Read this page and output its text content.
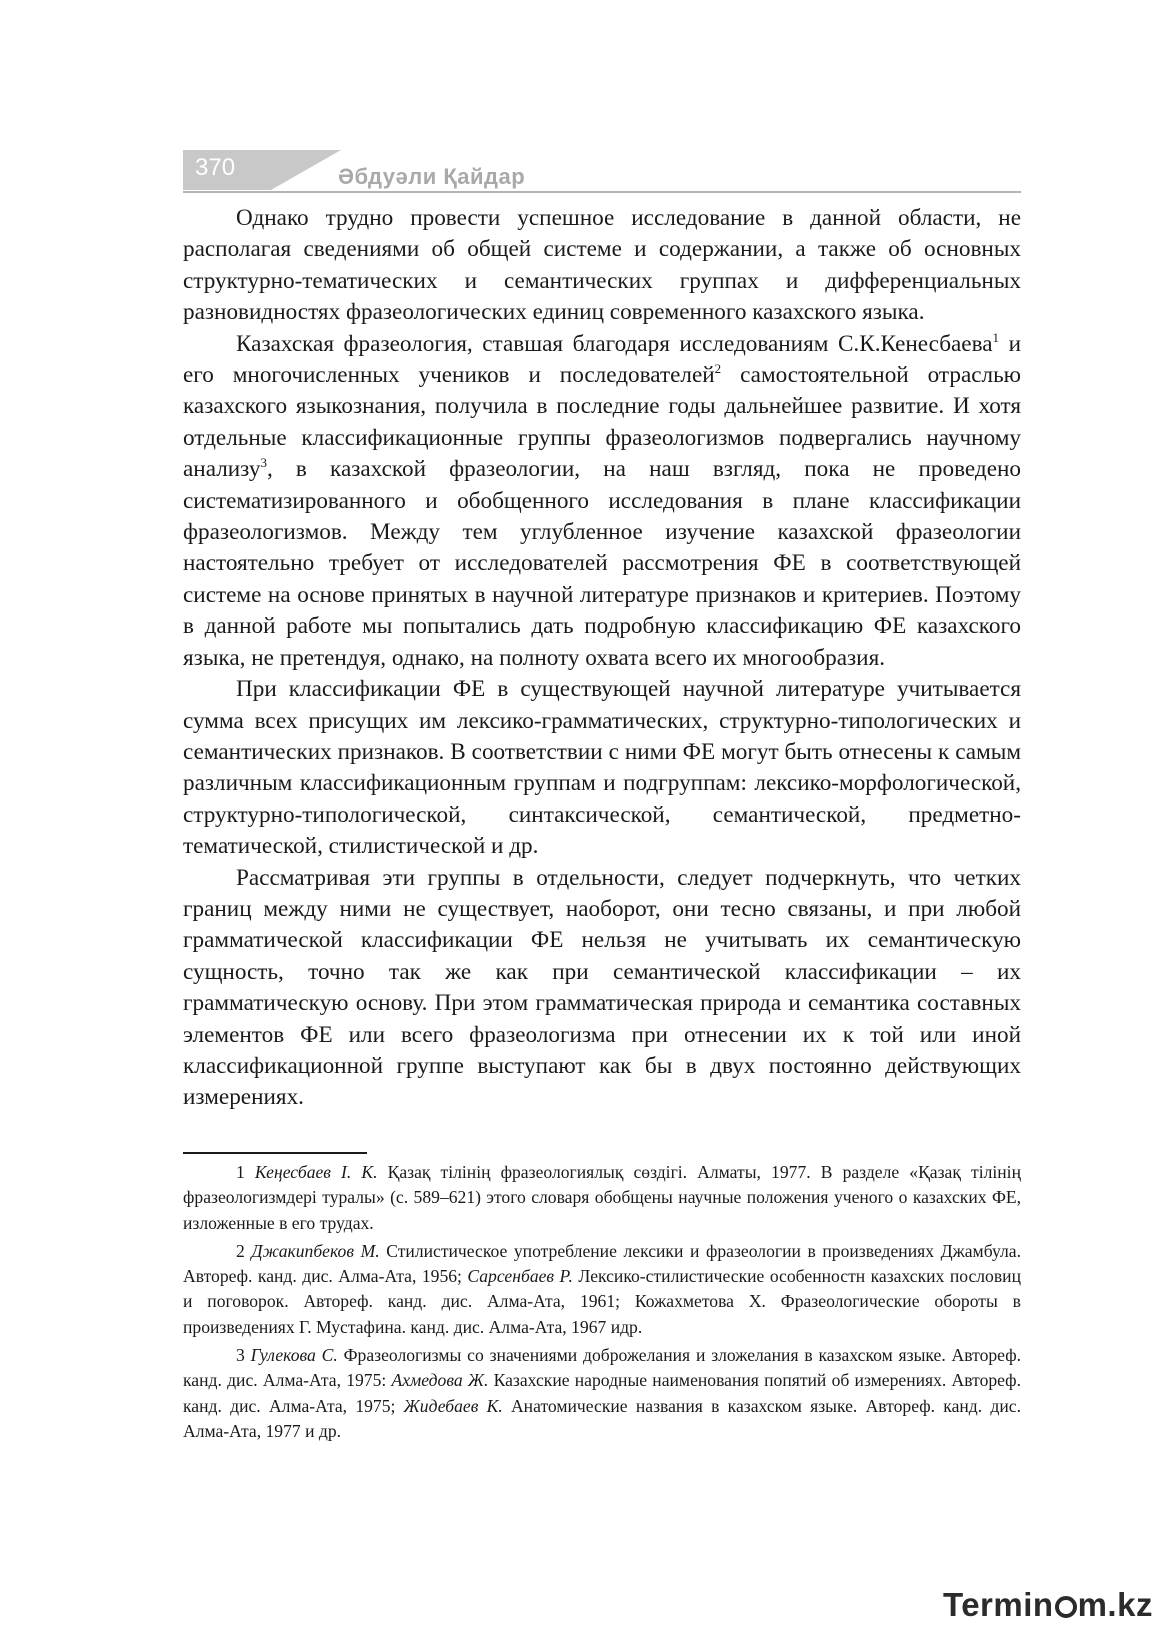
370	Әбдуәли Қайдар

Однако трудно провести успешное исследование в данной области, не располагая сведениями об общей системе и содержании, а также об основных структурно-тематических и семантических группах и дифференциальных разновидностях фразеологических единиц современного казахского языка.

Казахская фразеология, ставшая благодаря исследованиям С.К.Кенесбаева$^1$ и его многочисленных учеников и последователей$^2$ самостоятельной отраслью казахского языкознания, получила в последние годы дальнейшее развитие. И хотя отдельные классификационные группы фразеологизмов подвергались научному анализу$^3$, в казахской фразеологии, на наш взгляд, пока не проведено систематизированного и обобщенного исследования в плане классификации фразеологизмов. Между тем углубленное изучение казахской фразеологии настоятельно требует от исследователей рассмотрения ФЕ в соответствующей системе на основе принятых в научной литературе признаков и критериев. Поэтому в данной работе мы попытались дать подробную классификацию ФЕ казахского языка, не претендуя, однако, на полноту охвата всего их многообразия.

При классификации ФЕ в существующей научной литературе учитывается сумма всех присущих им лексико-грамматических, структурно-типологических и семантических признаков. В соответствии с ними ФЕ могут быть отнесены к самым различным классификационным группам и подгруппам: лексико-морфологической, структурно-типологической, синтаксической, семантической, предметно-тематической, стилистической и др.

Рассматривая эти группы в отдельности, следует подчеркнуть, что четких границ между ними не существует, наоборот, они тесно связаны, и при любой грамматической классификации ФЕ нельзя не учитывать их семантическую сущность, точно так же как при семантической классификации – их грамматическую основу. При этом грамматическая природа и семантика составных элементов ФЕ или всего фразеологизма при отнесении их к той или иной классификационной группе выступают как бы в двух постоянно действующих измерениях.

1 Кеңесбаев І. К. Қазақ тілінің фразеологиялық сөздігі. Алматы, 1977. В разделе «Қазақ тілінің фразеологизмдері туралы» (с. 589–621) этого словаря обобщены научные положения ученого о казахских ФЕ, изложенные в его трудах.

2 Джакипбеков М. Стилистическое употребление лексики и фразеологии в произведениях Джамбула. Автореф. канд. дис. Алма-Ата, 1956; Сарсенбаев Р. Лексико-стилистические особенностн казахских пословиц и поговорок. Автореф. канд. дис. Алма-Ата, 1961; Кожахметова Х. Фразеологические обороты в произведениях Г. Мустафина. канд. дис. Алма-Ата, 1967 идр.

3 Гулекова С. Фразеологизмы со значениями доброжелания и зложелания в казахском языке. Автореф. канд. дис. Алма-Ата, 1975: Ахмедова Ж. Казахские народные наименования попятий об измерениях. Автореф. канд. дис. Алма-Ата, 1975; Жидебаев К. Анатомические названия в казахском языке. Автореф. канд. дис. Алма-Ата, 1977 и др.

Termin m.kz
